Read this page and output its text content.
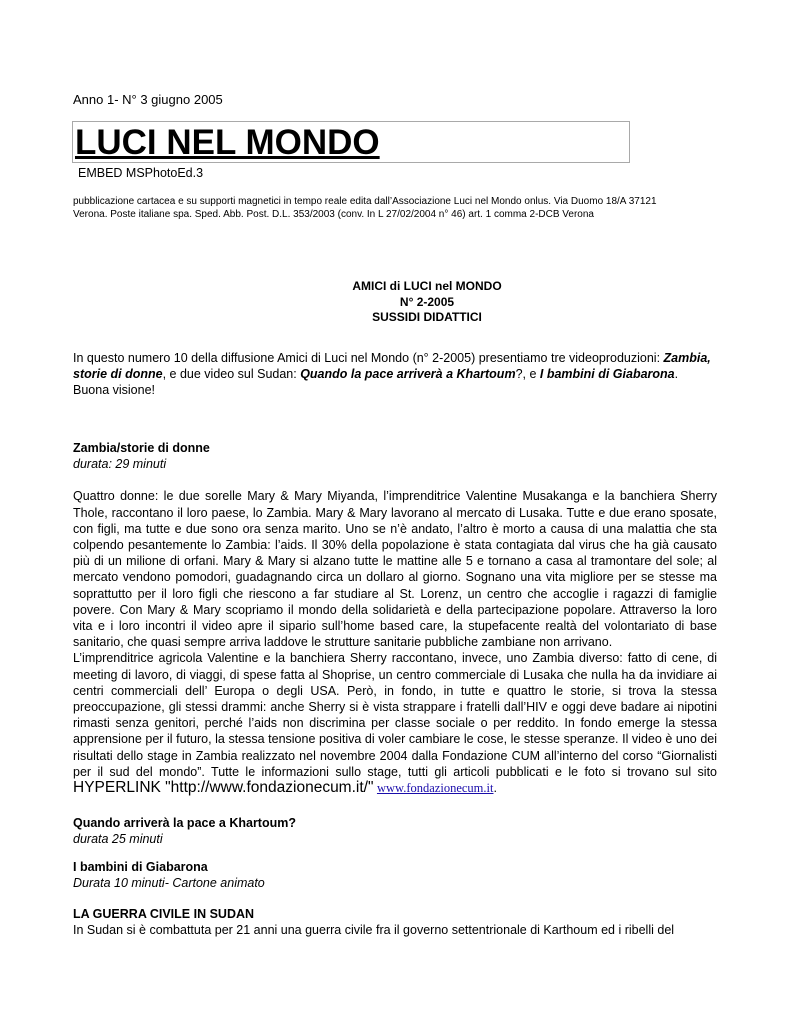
Anno 1- N° 3 giugno 2005
LUCI NEL MONDO
EMBED MSPhotoEd.3
pubblicazione cartacea e su supporti magnetici in tempo reale edita dall’Associazione Luci nel Mondo onlus. Via Duomo 18/A 37121
Verona. Poste italiane spa. Sped. Abb. Post. D.L. 353/2003 (conv. In L 27/02/2004 n° 46) art. 1 comma 2-DCB Verona
AMICI di LUCI nel MONDO
N° 2-2005
SUSSIDI DIDATTICI
In questo numero 10 della diffusione Amici di Luci nel Mondo (n° 2-2005) presentiamo tre videoproduzioni: Zambia, storie di donne, e due video sul Sudan: Quando la pace arriverà a Khartoum?, e I bambini di Giabarona. Buona visione!
Zambia/storie di donne
durata: 29 minuti
Quattro donne: le due sorelle Mary & Mary Miyanda, l’imprenditrice Valentine Musakanga e la banchiera Sherry Thole, raccontano il loro paese, lo Zambia. Mary & Mary lavorano al mercato di Lusaka. Tutte e due erano sposate, con figli, ma tutte e due sono ora senza marito. Uno se n’è andato, l’altro è morto a causa di una malattia che sta colpendo pesantemente lo Zambia: l’aids. Il 30% della popolazione è stata contagiata dal virus che ha già causato più di un milione di orfani. Mary & Mary si alzano tutte le mattine alle 5 e tornano a casa al tramontare del sole; al mercato vendono pomodori, guadagnando circa un dollaro al giorno. Sognano una vita migliore per se stesse ma soprattutto per il loro figli che riescono a far studiare al St. Lorenz, un centro che accoglie i ragazzi di famiglie povere. Con Mary & Mary scopriamo il mondo della solidarietà e della partecipazione popolare. Attraverso la loro vita e i loro incontri il video apre il sipario sull’home based care, la stupefacente realtà del volontariato di base sanitario, che quasi sempre arriva laddove le strutture sanitarie pubbliche zambiane non arrivano.
L’imprenditrice agricola Valentine e la banchiera Sherry raccontano, invece, uno Zambia diverso: fatto di cene, di meeting di lavoro, di viaggi, di spese fatta al Shoprise, un centro commerciale di Lusaka che nulla ha da invidiare ai centri commerciali dell’ Europa o degli USA. Però, in fondo, in tutte e quattro le storie, si trova la stessa preoccupazione, gli stessi drammi: anche Sherry si è vista strappare i fratelli dall’HIV e oggi deve badare ai nipotini rimasti senza genitori, perché l’aids non discrimina per classe sociale o per reddito. In fondo emerge la stessa apprensione per il futuro, la stessa tensione positiva di voler cambiare le cose, le stesse speranze. Il video è uno dei risultati dello stage in Zambia realizzato nel novembre 2004 dalla Fondazione CUM all’interno del corso “Giornalisti per il sud del mondo”. Tutte le informazioni sullo stage, tutti gli articoli pubblicati e le foto si trovano sul sito HYPERLINK "http://www.fondazionecum.it/" www.fondazionecum.it.
Quando arriverà la pace a Khartoum?
durata 25 minuti
I bambini di Giabarona
Durata 10 minuti- Cartone animato
LA GUERRA CIVILE IN SUDAN
In Sudan si è combattuta per 21 anni una guerra civile fra il governo settentrionale di Karthoum ed i ribelli del
